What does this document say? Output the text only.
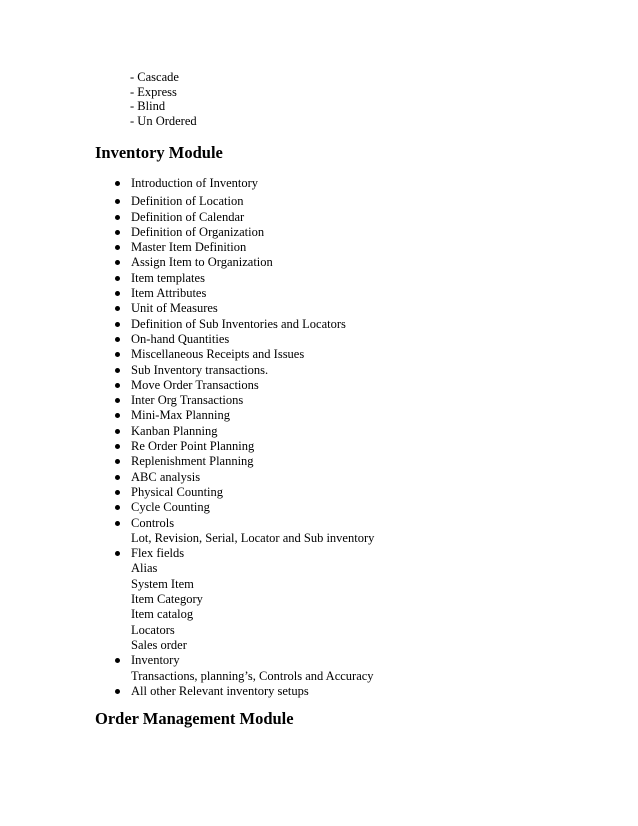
- Cascade
- Express
- Blind
- Un Ordered
Inventory Module
Introduction of Inventory
Definition of Location
Definition of Calendar
Definition of Organization
Master Item Definition
Assign Item to Organization
Item templates
Item Attributes
Unit of Measures
Definition of Sub Inventories and Locators
On-hand Quantities
Miscellaneous Receipts and Issues
Sub Inventory transactions.
Move Order Transactions
Inter Org Transactions
Mini-Max Planning
Kanban Planning
Re Order Point Planning
Replenishment Planning
ABC analysis
Physical Counting
Cycle Counting
Controls
Lot, Revision, Serial, Locator and Sub inventory
Flex fields
Alias
System Item
Item Category
Item catalog
Locators
Sales order
Inventory
Transactions, planning’s, Controls and Accuracy
All other Relevant inventory setups
Order Management Module
